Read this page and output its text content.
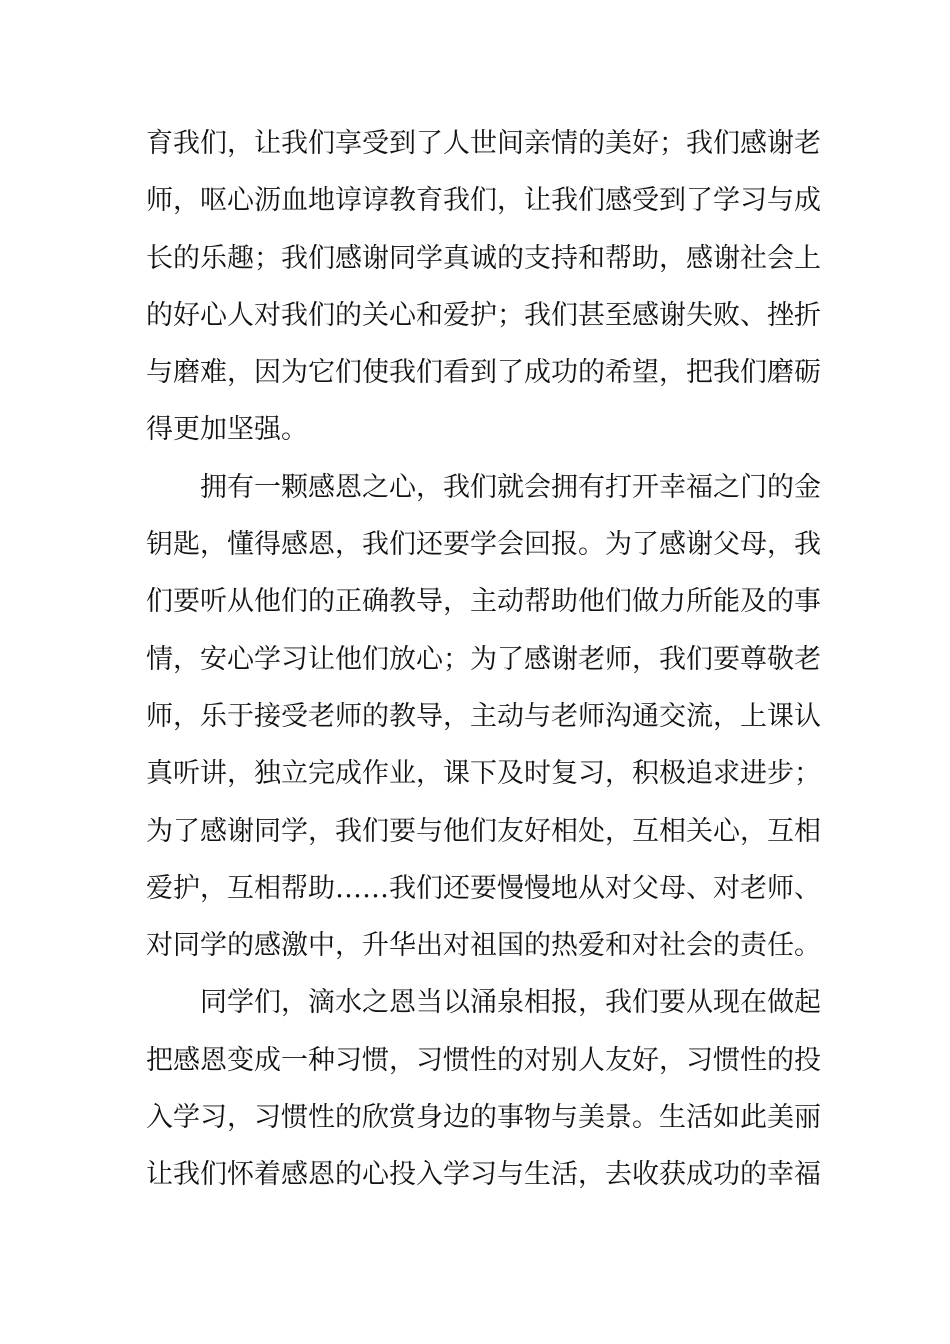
育我们，让我们享受到了人世间亲情的美好；我们感谢老
师，呕心沥血地谆谆教育我们，让我们感受到了学习与成
长的乐趣；我们感谢同学真诚的支持和帮助，感谢社会上
的好心人对我们的关心和爱护；我们甚至感谢失败、挫折
与磨难，因为它们使我们看到了成功的希望，把我们磨砺
得更加坚强。
拥有一颗感恩之心，我们就会拥有打开幸福之门的金
钥匙，懂得感恩，我们还要学会回报。为了感谢父母，我
们要听从他们的正确教导，主动帮助他们做力所能及的事
情，安心学习让他们放心；为了感谢老师，我们要尊敬老
师，乐于接受老师的教导，主动与老师沟通交流，上课认
真听讲，独立完成作业，课下及时复习，积极追求进步；
为了感谢同学，我们要与他们友好相处，互相关心，互相
爱护，互相帮助……我们还要慢慢地从对父母、对老师、
对同学的感激中，升华出对祖国的热爱和对社会的责任。
同学们，滴水之恩当以涌泉相报，我们要从现在做起
把感恩变成一种习惯，习惯性的对别人友好，习惯性的投
入学习，习惯性的欣赏身边的事物与美景。生活如此美丽
让我们怀着感恩的心投入学习与生活，去收获成功的幸福
